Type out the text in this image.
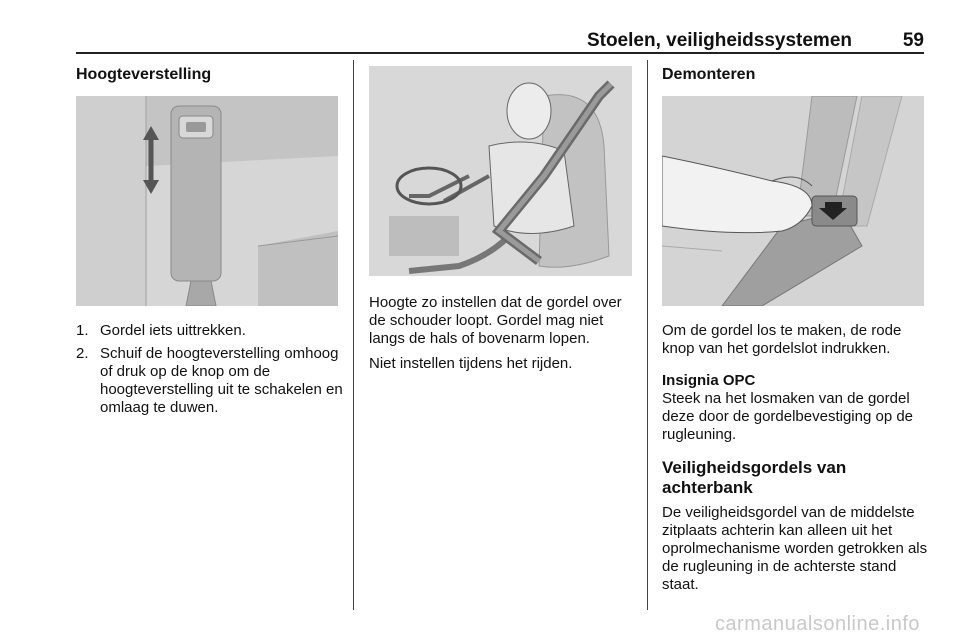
Stoelen, veiligheidssystemen	59
Hoogteverstelling
1. Gordel iets uittrekken.
2. Schuif de hoogteverstelling omhoog of druk op de knop om de hoogteverstelling uit te schakelen en omlaag te duwen.

Hoogte zo instellen dat de gordel over de schouder loopt. Gordel mag niet langs de hals of bovenarm lopen.

Niet instellen tijdens het rijden.

Demonteren

Om de gordel los te maken, de rode knop van het gordelslot indrukken.

Insignia OPC

Steek na het losmaken van de gordel deze door de gordelbevestiging op de rugleuning.

Veiligheidsgordels van achterbank

De veiligheidsgordel van de middelste zitplaats achterin kan alleen uit het oprolmechanisme worden getrokken als de rugleuning in de achterste stand staat.

carmanualsonline.info
